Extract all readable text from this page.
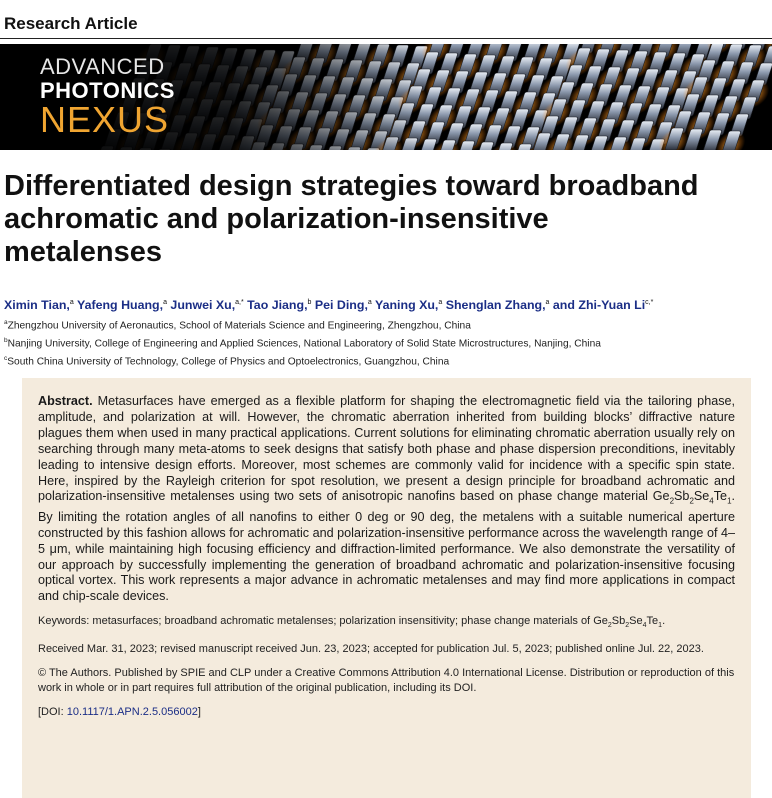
Research Article
ADVANCED
PHOTONICS
NEXUS
Differentiated design strategies toward broadband achromatic and polarization-insensitive metalenses
Ximin Tian,$^a$ Yafeng Huang,$^a$ Junwei Xu,$^{a,*}$ Tao Jiang,$^b$ Pei Ding,$^a$ Yaning Xu,$^a$ Shenglan Zhang,$^a$ and Zhi-Yuan $Li^{c,*}$
$^a$Zhengzhou University of Aeronautics, School of Materials Science and Engineering, Zhengzhou, China
$^b$Nanjing University, College of Engineering and Applied Sciences, National Laboratory of Solid State Microstructures, Nanjing, China
$^c$South China University of Technology, College of Physics and Optoelectronics, Guangzhou, China

Abstract. Metasurfaces have emerged as a flexible platform for shaping the electromagnetic field via the tailoring phase, amplitude, and polarization at will. However, the chromatic aberration inherited from building blocks’ diffractive nature plagues them when used in many practical applications. Current solutions for eliminating chromatic aberration usually rely on searching through many meta-atoms to seek designs that satisfy both phase and phase dispersion preconditions, inevitably leading to intensive design efforts. Moreover, most schemes are commonly valid for incidence with a specific spin state. Here, inspired by the Rayleigh criterion for spot resolution, we present a design principle for broadband achromatic and polarization-insensitive metalenses using two sets of anisotropic nanofins based on phase change material $Ge_2Sb_2Se_4Te_1$. By limiting the rotation angles of all nanofins to either 0 deg or 90 deg, the metalens with a suitable numerical aperture constructed by this fashion allows for achromatic and polarization-insensitive performance across the wavelength range of 4–5 μm, while maintaining high focusing efficiency and diffraction-limited performance. We also demonstrate the versatility of our approach by successfully implementing the generation of broadband achromatic and polarization-insensitive focusing optical vortex. This work represents a major advance in achromatic metalenses and may find more applications in compact and chip-scale devices.

Keywords: metasurfaces; broadband achromatic metalenses; polarization insensitivity; phase change materials of $Ge_2Sb_2Se_4Te_1$.
Received Mar. 31, 2023; revised manuscript received Jun. 23, 2023; accepted for publication Jul. 5, 2023; published online Jul. 22, 2023.
© The Authors. Published by SPIE and CLP under a Creative Commons Attribution 4.0 International License. Distribution or reproduction of this work in whole or in part requires full attribution of the original publication, including its DOI.
[DOI: 10.1117/1.APN.2.5.056002]
